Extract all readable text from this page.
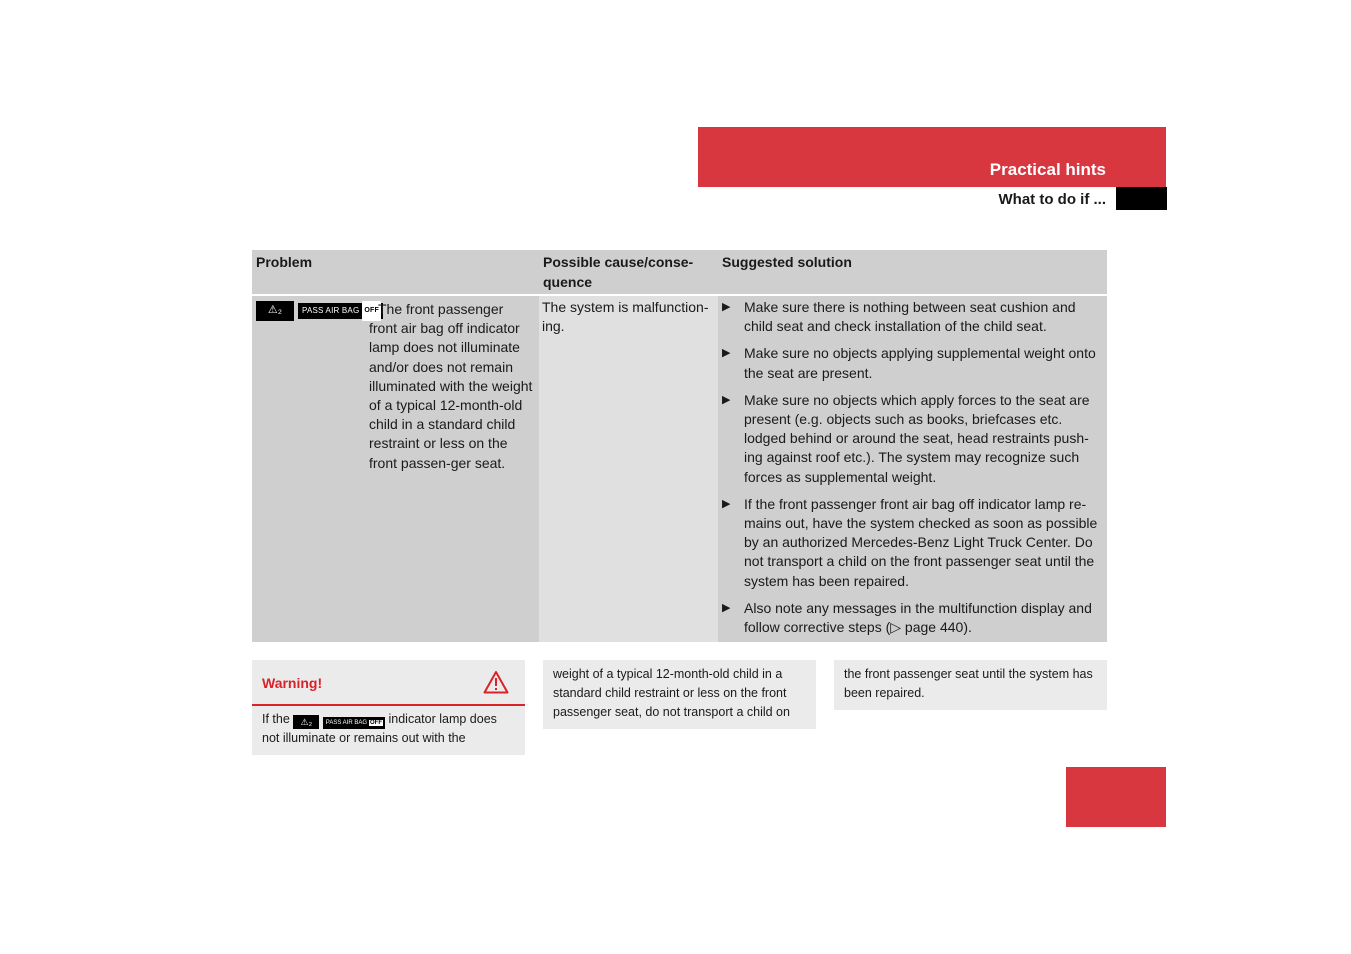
Practical hints
What to do if ...
Problem	Possible cause/conse-
quence
Suggested solution
⚠︎₂	PASS AIR BAG OFF The front passenger front air bag off indicator lamp does not illuminate and/or does not remain illuminated with the weight of a typical 12-month-old child in a standard child restraint or less on the front passen-ger seat.
The system is malfunction-ing.
▶ Make sure there is nothing between seat cushion and child seat and check installation of the child seat.
▶ Make sure no objects applying supplemental weight onto the seat are present.
▶ Make sure no objects which apply forces to the seat are present (e.g. objects such as books, briefcases etc. lodged behind or around the seat, head restraints push-ing against roof etc.). The system may recognize such forces as supplemental weight.
▶ If the front passenger front air bag off indicator lamp re-mains out, have the system checked as soon as possible by an authorized Mercedes-Benz Light Truck Center. Do not transport a child on the front passenger seat until the system has been repaired.
▶ Also note any messages in the multifunction display and follow corrective steps (▷ page 440).
Warning!
If the ⚠︎₂ PASS AIR BAG OFF indicator lamp does not illuminate or remains out with the
weight of a typical 12-month-old child in a standard child restraint or less on the front passenger seat, do not transport a child on
the front passenger seat until the system has been repaired.
427
